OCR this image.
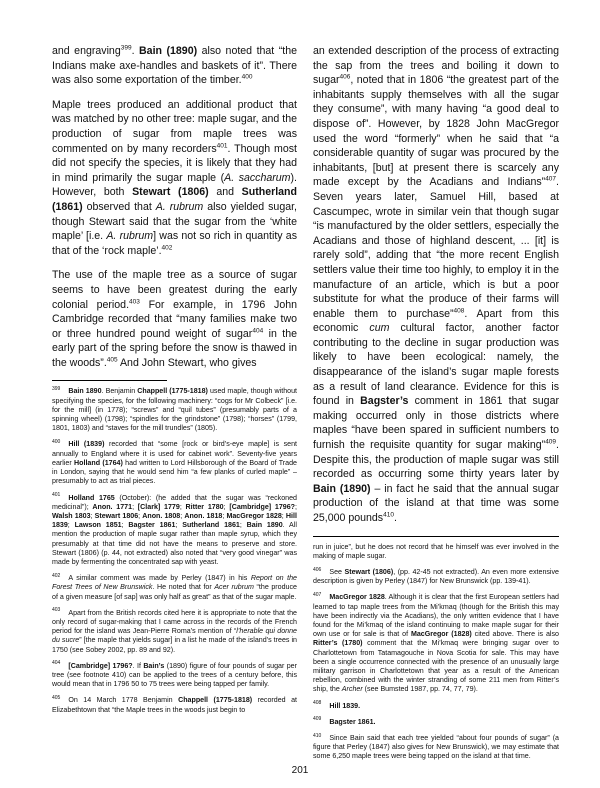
and engraving$^{399}$. Bain (1890) also noted that “the Indians make axe-handles and baskets of it”. There was also some exportation of the timber.$^{400}$

Maple trees produced an additional product that was matched by no other tree: maple sugar, and the production of sugar from maple trees was commented on by many recorders$^{401}$. Though most did not specify the species, it is likely that they had in mind primarily the sugar maple (A. saccharum). However, both Stewart (1806) and Sutherland (1861) observed that A. rubrum also yielded sugar, though Stewart said that the sugar from the ‘white maple’ [i.e. A. rubrum] was not so rich in quantity as that of the ‘rock maple’.$^{402}$

The use of the maple tree as a source of sugar seems to have been greatest during the early colonial period.$^{403}$ For example, in 1796 John Cambridge recorded that “many families make two or three hundred pound weight of sugar$^{404}$ in the early part of the spring before the snow is thawed in the woods”.$^{405}$ And John Stewart, who gives

$^{399}$ Bain 1890. Benjamin Chappell (1775-1818) used maple, though without specifying the species, for the following machinery: “cogs for Mr Colbeck” [i.e. for the mill] (in 1778); “screws” and “quil tubes” (presumably parts of a spinning wheel) (1798); “spindles for the grindstone” (1798); “horses” (1799, 1801, 1803) and “staves for the mill trundles” (1805).
$^{400}$ Hill (1839) recorded that “some [rock or bird’s-eye maple] is sent annually to England where it is used for cabinet work”. Seventy-five years earlier Holland (1764) had written to Lord Hillsborough of the Board of Trade in London, saying that he would send him “a few planks of curled maple” – presumably to act as trial pieces.
$^{401}$ Holland 1765 (October): (he added that the sugar was “reckoned medicinal”); Anon. 1771; [Clark] 1779; Ritter 1780; [Cambridge] 1796?; Walsh 1803; Stewart 1806; Anon. 1808; Anon. 1818; MacGregor 1828; Hill 1839; Lawson 1851; Bagster 1861; Sutherland 1861; Bain 1890. All mention the production of maple sugar rather than maple syrup, which they presumably at that time did not have the means to preserve and store. Stewart (1806) (p. 44, not extracted) also noted that “very good vinegar” was made by fermenting the concentrated sap with yeast.
$^{402}$ A similar comment was made by Perley (1847) in his Report on the Forest Trees of New Brunswick. He noted that for Acer rubrum “the produce of a given measure [of sap] was only half as great” as that of the sugar maple.
$^{403}$ Apart from the British records cited here it is appropriate to note that the only record of sugar-making that I came across in the records of the French period for the island was Jean-Pierre Roma’s mention of “l’herable qui donne du sucre” [the maple that yields sugar] in a list he made of the island’s trees in 1750 (see Sobey 2002, pp. 89 and 92).
$^{404}$ [Cambridge] 1796?. If Bain’s (1890) figure of four pounds of sugar per tree (see footnote 410) can be applied to the trees of a century before, this would mean that in 1796 50 to 75 trees were being tapped per family.
$^{405}$ On 14 March 1778 Benjamin Chappell (1775-1818) recorded at Elizabethtown that “the Maple trees in the woods just begin to

an extended description of the process of extracting the sap from the trees and boiling it down to sugar$^{406}$, noted that in 1806 “the greatest part of the inhabitants supply themselves with all the sugar they consume”, with many having “a good deal to dispose of”. However, by 1828 John MacGregor used the word “formerly” when he said that “a considerable quantity of sugar was procured by the inhabitants, [but] at present there is scarcely any made except by the Acadians and Indians”$^{407}$. Seven years later, Samuel Hill, based at Cascumpec, wrote in similar vein that though sugar “is manufactured by the older settlers, especially the Acadians and those of highland descent, ... [it] is rarely sold”, adding that “the more recent English settlers value their time too highly, to employ it in the manufacture of an article, which is but a poor substitute for what the produce of their farms will enable them to purchase”$^{408}$. Apart from this economic cum cultural factor, another factor contributing to the decline in sugar production was likely to have been ecological: namely, the disappearance of the island’s sugar maple forests as a result of land clearance. Evidence for this is found in Bagster’s comment in 1861 that sugar making occurred only in those districts where maples “have been spared in sufficient numbers to furnish the requisite quantity for sugar making”$^{409}$. Despite this, the production of maple sugar was still recorded as occurring some thirty years later by Bain (1890) – in fact he said that the annual sugar production of the island at that time was some 25,000 pounds$^{410}$.

run in juice”, but he does not record that he himself was ever involved in the making of maple sugar.
$^{406}$ See Stewart (1806), (pp. 42-45 not extracted). An even more extensive description is given by Perley (1847) for New Brunswick (pp. 139-41).
$^{407}$ MacGregor 1828. Although it is clear that the first European settlers had learned to tap maple trees from the Mi’kmaq (though for the British this may have been indirectly via the Acadians), the only written evidence that I have found for the Mi’kmaq of the island continuing to make maple sugar for their own use or for sale is that of MacGregor (1828) cited above. There is also Ritter’s (1780) comment that the Mi’kmaq were bringing sugar over to Charlottetown from Tatamagouche in Nova Scotia for sale. This may have been a single occurrence connected with the presence of an unusually large military garrison in Charlottetown that year as a result of the American rebellion, combined with the winter stranding of some 211 men from Ritter’s ship, the Archer (see Bumsted 1987, pp. 74, 77, 79).
$^{408}$ Hill 1839.
$^{409}$ Bagster 1861.
$^{410}$ Since Bain said that each tree yielded “about four pounds of sugar” (a figure that Perley (1847) also gives for New Brunswick), we may estimate that some 6,250 maple trees were being tapped on the island at that time.
201
